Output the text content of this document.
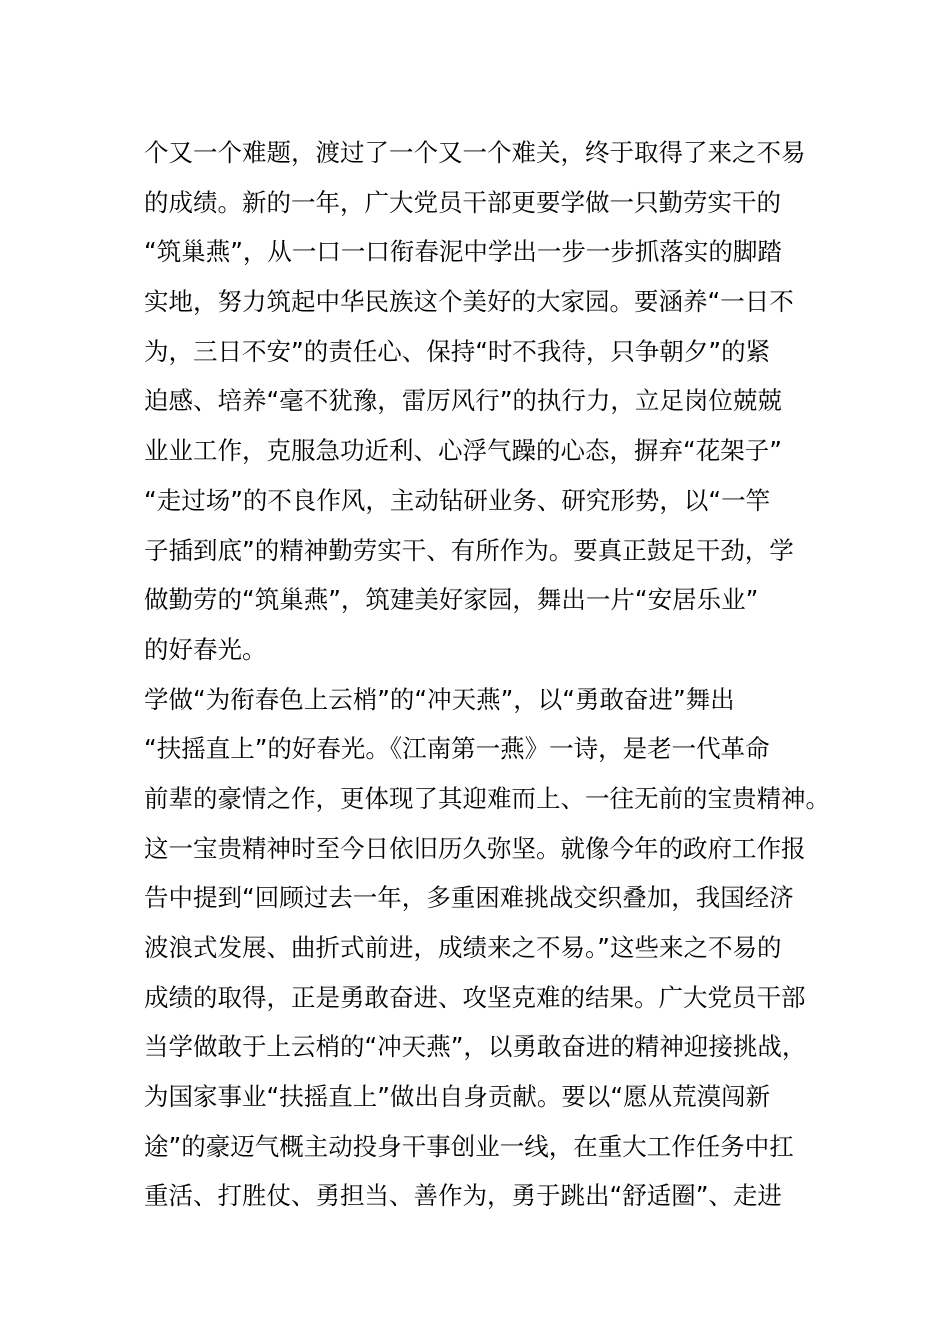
个又一个难题，渡过了一个又一个难关，终于取得了来之不易
的成绩。新的一年，广大党员干部更要学做一只勤劳实干的
“筑巢燕”，从一口一口衔春泥中学出一步一步抓落实的脚踏
实地，努力筑起中华民族这个美好的大家园。要涵养“一日不
为，三日不安”的责任心、保持“时不我待，只争朝夕”的紧
迫感、培养“毫不犹豫，雷厉风行”的执行力，立足岗位兢兢
业业工作，克服急功近利、心浮气躁的心态，摒弃“花架子”
“走过场”的不良作风，主动钻研业务、研究形势，以“一竿
子插到底”的精神勤劳实干、有所作为。要真正鼓足干劲，学
做勤劳的“筑巢燕”，筑建美好家园，舞出一片“安居乐业”
的好春光。
学做“为衔春色上云梢”的“冲天燕”，以“勇敢奋进”舞出
“扶摇直上”的好春光。《江南第一燕》一诗，是老一代革命
前辈的豪情之作，更体现了其迎难而上、一往无前的宝贵精神。
这一宝贵精神时至今日依旧历久弥坚。就像今年的政府工作报
告中提到“回顾过去一年，多重困难挑战交织叠加，我国经济
波浪式发展、曲折式前进，成绩来之不易。”这些来之不易的
成绩的取得，正是勇敢奋进、攻坚克难的结果。广大党员干部
当学做敢于上云梢的“冲天燕”，以勇敢奋进的精神迎接挑战，
为国家事业“扶摇直上”做出自身贡献。要以“愿从荒漠闯新
途”的豪迈气概主动投身干事创业一线，在重大工作任务中扛
重活、打胜仗、勇担当、善作为，勇于跳出“舒适圈”、走进
